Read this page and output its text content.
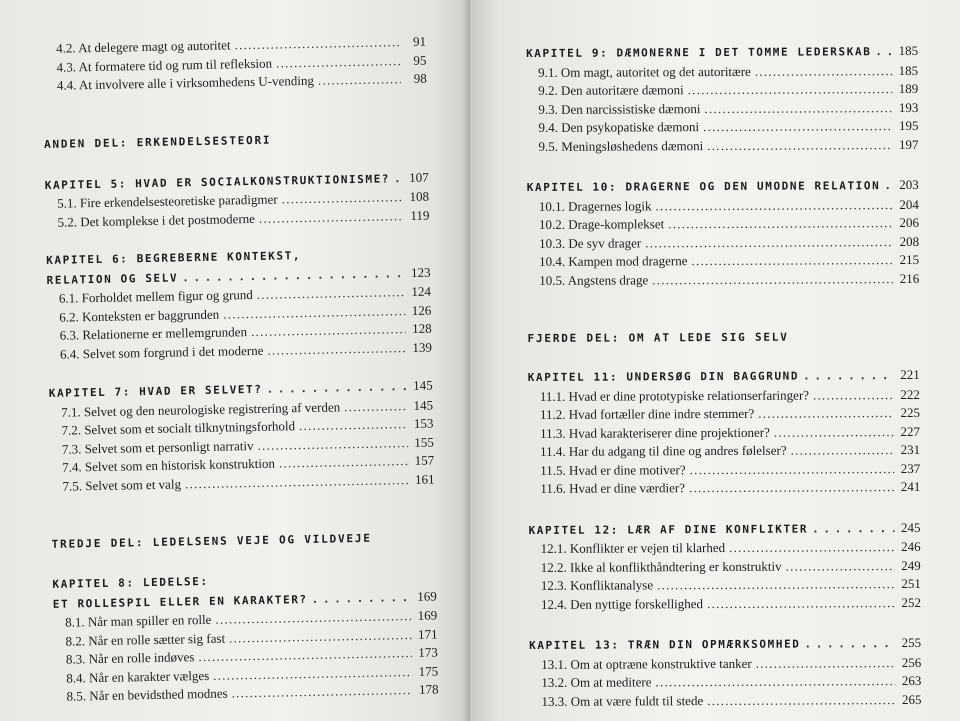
4.2. At delegere magt og autoritet . . .	91
4.3. At formatere tid og rum til refleksion . . .	95
4.4. At involvere alle i virksomhedens U-vending . . .	98
ANDEN DEL: ERKENDELSESTEORI
KAPITEL 5: HVAD ER SOCIALKONSTRUKTIONISME? . . . 107
5.1. Fire erkendelsesteoretiske paradigmer . . .	108
5.2. Det komplekse i det postmoderne . . .	119
KAPITEL 6: BEGREBERNE KONTEKST,
RELATION OG SELV . . .	123
6.1. Forholdet mellem figur og grund . . .	124
6.2. Konteksten er baggrunden . . .	126
6.3. Relationerne er mellemgrunden . . .	128
6.4. Selvet som forgrund i det moderne . . .	139
KAPITEL 7: HVAD ER SELVET? . . .	145
7.1. Selvet og den neurologiske registrering af verden . . .	145
7.2. Selvet som et socialt tilknytningsforhold . . .	153
7.3. Selvet som et personligt narrativ . . .	155
7.4. Selvet som en historisk konstruktion . . .	157
7.5. Selvet som et valg . . .	161
TREDJE DEL: LEDELSENS VEJE OG VILDVEJE
KAPITEL 8: LEDELSE:
ET ROLLESPIL ELLER EN KARAKTER? . . .	169
8.1. Når man spiller en rolle . . .	169
8.2. Når en rolle sætter sig fast . . .	171
8.3. Når en rolle indøves . . .	173
8.4. Når en karakter vælges . . .	175
8.5. Når en bevidsthed modnes . . .	178
KAPITEL 9: DÆMONERNE I DET TOMME LEDERSKAB . . . 185
9.1. Om magt, autoritet og det autoritære . . .	185
9.2. Den autoritære dæmoni . . .	189
9.3. Den narcissistiske dæmoni . . .	193
9.4. Den psykopatiske dæmoni . . .	195
9.5. Meningsløshedens dæmoni . . .	197
KAPITEL 10: DRAGERNE OG DEN UMODNE RELATION . . . 203
10.1. Dragernes logik . . .	204
10.2. Drage-komplekset . . .	206
10.3. De syv drager . . .	208
10.4. Kampen mod dragerne . . .	215
10.5. Angstens drage . . .	216
FJERDE DEL: OM AT LEDE SIG SELV
KAPITEL 11: UNDERSØG DIN BAGGRUND . . .	221
11.1. Hvad er dine prototypiske relationserfaringer? . . .	222
11.2. Hvad fortæller dine indre stemmer? . . .	225
11.3. Hvad karakteriserer dine projektioner? . . .	227
11.4. Har du adgang til dine og andres følelser? . . .	231
11.5. Hvad er dine motiver? . . .	237
11.6. Hvad er dine værdier? . . .	241
KAPITEL 12: LÆR AF DINE KONFLIKTER . . .	245
12.1. Konflikter er vejen til klarhed . . .	246
12.2. Ikke al konflikthåndtering er konstruktiv . . .	249
12.3. Konfliktanalyse . . .	251
12.4. Den nyttige forskellighed . . .	252
KAPITEL 13: TRÆN DIN OPMÆRKSOMHED . . .	255
13.1. Om at optræne konstruktive tanker . . .	256
13.2. Om at meditere . . .	263
13.3. Om at være fuldt til stede . . .	265
